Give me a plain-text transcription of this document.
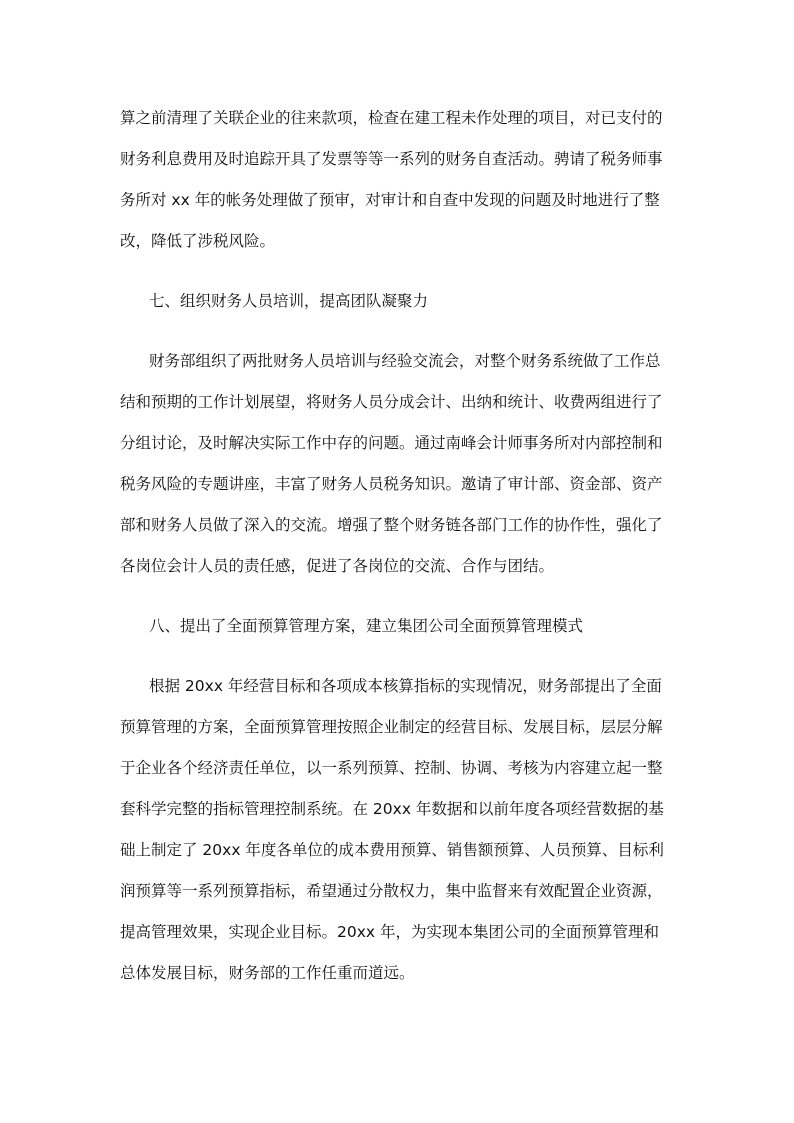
算之前清理了关联企业的往来款项，检查在建工程未作处理的项目，对已支付的
财务利息费用及时追踪开具了发票等等一系列的财务自查活动。骋请了税务师事
务所对 xx 年的帐务处理做了预审，对审计和自查中发现的问题及时地进行了整
改，降低了涉税风险。
七、组织财务人员培训，提高团队凝聚力
财务部组织了两批财务人员培训与经验交流会，对整个财务系统做了工作总
结和预期的工作计划展望，将财务人员分成会计、出纳和统计、收费两组进行了
分组讨论，及时解决实际工作中存的问题。通过南峰会计师事务所对内部控制和
税务风险的专题讲座，丰富了财务人员税务知识。邀请了审计部、资金部、资产
部和财务人员做了深入的交流。增强了整个财务链各部门工作的协作性，强化了
各岗位会计人员的责任感，促进了各岗位的交流、合作与团结。
八、提出了全面预算管理方案，建立集团公司全面预算管理模式
根据 20xx 年经营目标和各项成本核算指标的实现情况，财务部提出了全面
预算管理的方案，全面预算管理按照企业制定的经营目标、发展目标，层层分解
于企业各个经济责任单位，以一系列预算、控制、协调、考核为内容建立起一整
套科学完整的指标管理控制系统。在 20xx 年数据和以前年度各项经营数据的基
础上制定了 20xx 年度各单位的成本费用预算、销售额预算、人员预算、目标利
润预算等一系列预算指标，希望通过分散权力，集中监督来有效配置企业资源，
提高管理效果，实现企业目标。20xx 年，为实现本集团公司的全面预算管理和
总体发展目标，财务部的工作任重而道远。
